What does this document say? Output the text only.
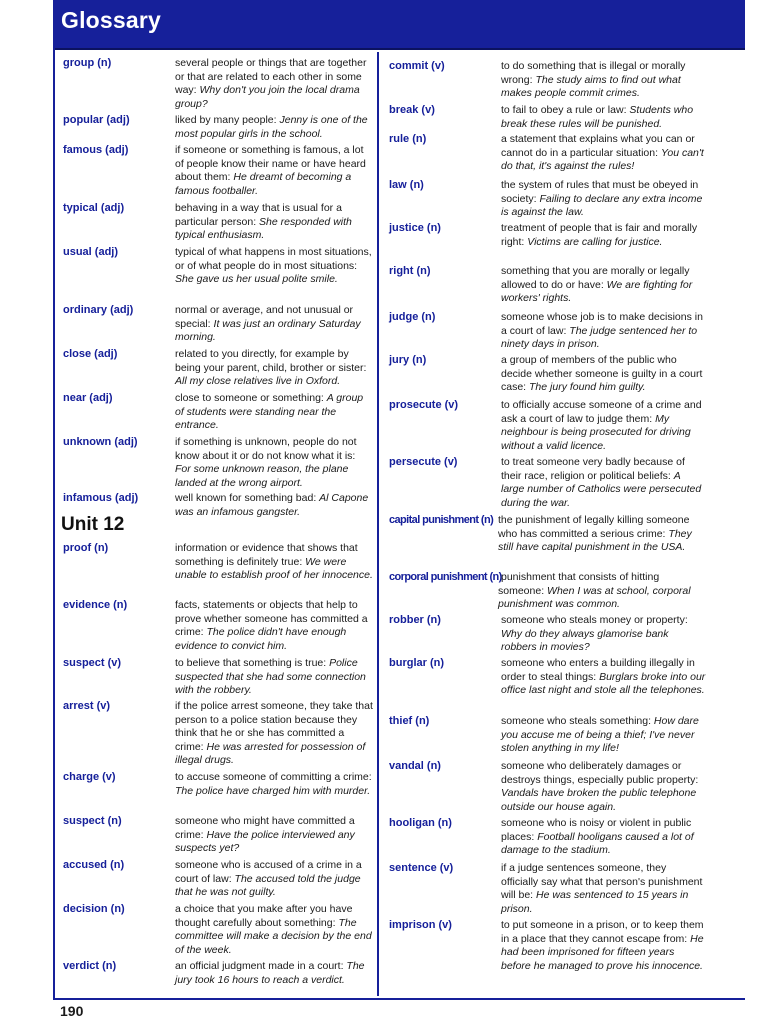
Glossary
Unit 12
group (n)	several people or things that are together or that are related to each other in some way: Why don't you join the local drama group?
popular (adj)	liked by many people: Jenny is one of the most popular girls in the school.
famous (adj)	if someone or something is famous, a lot of people know their name or have heard about them: He dreamt of becoming a famous footballer.
typical (adj)	behaving in a way that is usual for a particular person: She responded with typical enthusiasm.
usual (adj)	typical of what happens in most situations, or of what people do in most situations: She gave us her usual polite smile.
ordinary (adj)	normal or average, and not unusual or special: It was just an ordinary Saturday morning.
close (adj)	related to you directly, for example by being your parent, child, brother or sister: All my close relatives live in Oxford.
near (adj)	close to someone or something: A group of students were standing near the entrance.
unknown (adj)	if something is unknown, people do not know about it or do not know what it is: For some unknown reason, the plane landed at the wrong airport.
infamous (adj)	well known for something bad: Al Capone was an infamous gangster.
proof (n)	information or evidence that shows that something is definitely true: We were unable to establish proof of her innocence.
evidence (n)	facts, statements or objects that help to prove whether someone has committed a crime: The police didn't have enough evidence to convict him.
suspect (v)	to believe that something is true: Police suspected that she had some connection with the robbery.
arrest (v)	if the police arrest someone, they take that person to a police station because they think that he or she has committed a crime: He was arrested for possession of illegal drugs.
charge (v)	to accuse someone of committing a crime: The police have charged him with murder.
suspect (n)	someone who might have committed a crime: Have the police interviewed any suspects yet?
accused (n)	someone who is accused of a crime in a court of law: The accused told the judge that he was not guilty.
decision (n)	a choice that you make after you have thought carefully about something: The committee will make a decision by the end of the week.
verdict (n)	an official judgment made in a court: The jury took 16 hours to reach a verdict.
commit (v)	to do something that is illegal or morally wrong: The study aims to find out what makes people commit crimes.
break (v)	to fail to obey a rule or law: Students who break these rules will be punished.
rule (n)	a statement that explains what you can or cannot do in a particular situation: You can't do that, it's against the rules!
law (n)	the system of rules that must be obeyed in society: Failing to declare any extra income is against the law.
justice (n)	treatment of people that is fair and morally right: Victims are calling for justice.
right (n)	something that you are morally or legally allowed to do or have: We are fighting for workers' rights.
judge (n)	someone whose job is to make decisions in a court of law: The judge sentenced her to ninety days in prison.
jury (n)	a group of members of the public who decide whether someone is guilty in a court case: The jury found him guilty.
prosecute (v)	to officially accuse someone of a crime and ask a court of law to judge them: My neighbour is being prosecuted for driving without a valid licence.
persecute (v)	to treat someone very badly because of their race, religion or political beliefs: A large number of Catholics were persecuted during the war.
capital punishment (n) the punishment of legally killing someone who has committed a serious crime: They still have capital punishment in the USA.
corporal punishment (n) punishment that consists of hitting someone: When I was at school, corporal punishment was common.
robber (n)	someone who steals money or property: Why do they always glamorise bank robbers in movies?
burglar (n)	someone who enters a building illegally in order to steal things: Burglars broke into our office last night and stole all the telephones.
thief (n)	someone who steals something: How dare you accuse me of being a thief; I've never stolen anything in my life!
vandal (n)	someone who deliberately damages or destroys things, especially public property: Vandals have broken the public telephone outside our house again.
hooligan (n)	someone who is noisy or violent in public places: Football hooligans caused a lot of damage to the stadium.
sentence (v)	if a judge sentences someone, they officially say what that person's punishment will be: He was sentenced to 15 years in prison.
imprison (v)	to put someone in a prison, or to keep them in a place that they cannot escape from: He had been imprisoned for fifteen years before he managed to prove his innocence.
190
